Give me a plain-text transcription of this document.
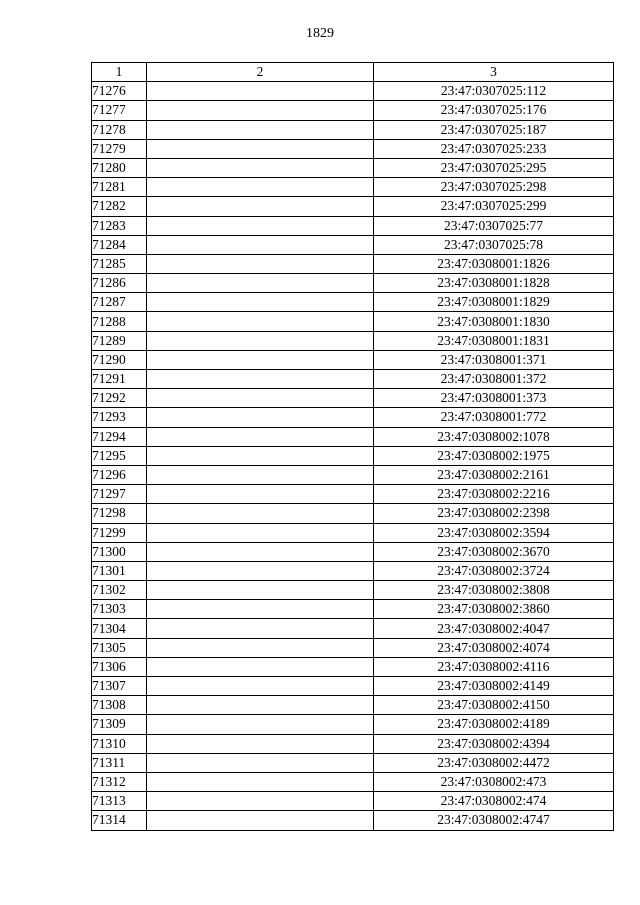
1829
1	2	3
71276		23:47:0307025:112
71277		23:47:0307025:176
71278		23:47:0307025:187
71279		23:47:0307025:233
71280		23:47:0307025:295
71281		23:47:0307025:298
71282		23:47:0307025:299
71283		23:47:0307025:77
71284		23:47:0307025:78
71285		23:47:0308001:1826
71286		23:47:0308001:1828
71287		23:47:0308001:1829
71288		23:47:0308001:1830
71289		23:47:0308001:1831
71290		23:47:0308001:371
71291		23:47:0308001:372
71292		23:47:0308001:373
71293		23:47:0308001:772
71294		23:47:0308002:1078
71295		23:47:0308002:1975
71296		23:47:0308002:2161
71297		23:47:0308002:2216
71298		23:47:0308002:2398
71299		23:47:0308002:3594
71300		23:47:0308002:3670
71301		23:47:0308002:3724
71302		23:47:0308002:3808
71303		23:47:0308002:3860
71304		23:47:0308002:4047
71305		23:47:0308002:4074
71306		23:47:0308002:4116
71307		23:47:0308002:4149
71308		23:47:0308002:4150
71309		23:47:0308002:4189
71310		23:47:0308002:4394
71311		23:47:0308002:4472
71312		23:47:0308002:473
71313		23:47:0308002:474
71314		23:47:0308002:4747
